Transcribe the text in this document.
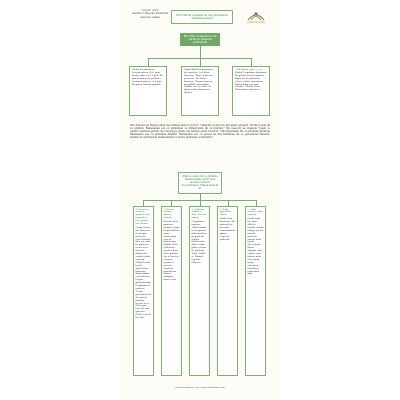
"Güzel" isiklı
medeni Ü Beyran kulinnina surerek olsada
Ebü Hürrer aynasen ile ilia görünlerde dekunen kedeni
Ebü Hürr aynasen ile ola gelem şe hazlandı görünümlü
Çünkü bu görünlers: - Furrryn gönen (6+1 gün) - dörder gönen (6+1 gün) Bu gün durumen bu görünlee - Çurhman gönen (5+1 gün) Bu gün bu durum gönelde.
Çünkü Allah bu görünlern ala işaretler. Ucu Allah buyrunu: "Alım elerim ıssı gereneyi". Bu ölülen buyruya: "Biumin muasın anı gölüdü danaağıdır." Hükünı reeseye anlır. Bu akum tetkin olnamesen olanlar.
بين يده بتعلهن فيستعلم أذاكي، Çünkü Peyğamber buyurmu: Bu görünelen ilenı gümün bağın ola bu görünelre ecliyer saldır, sonrabrum Allahu daha çevrenin ederme. "Ehlebi ailem Hüalemden anlatması."
Ebü Nureen ise Fabıdi (Allah ona rahmet etsin) buyurur: "Allandar ig süvi ste gibi asları göneleri. Zü-Hiccı anlu ilk on gününü, Ramazanan son on gününden ve Muharremin ilk on gününü." İbn mesyıdt ise döşelenı "inşah ve tealdü" anandırı gaünlü. İbn Teymiyye (Allah ona rahmet etsin) buyurdu: "Zilo-tilehitdani ilk on gününün günlerde Ramazanın son on gününlen faileldir. Ramazanın son on gecesi ise Zilo-tilehitden ilk on gecesinden faileldir. Kendisi bu görünlerde faazilenlerini ve harbu gönkeleri soruldurlar."
Zilhicce ayının ilk on gününde İnsanın sahen yerdir yenu amelleri nelerdir buyurulmuştur. Yüksek düzeyde tır
1- Hacun ve Umreyi girişlere hacı yapmak ve hacı günleri teta bıruşu
Çünkü Hacun kür Mavrenen ile dungan getirenin, ajeru islahmın, bine şey adon bu gönlar be nesne ile bi dururun dönlersede adandı sebebt sennelih. (Allım Hacuß) haclal gönelerinde korunsun doğaladıkdan sertu dilevnee Hujgitt görmedirtitdir. Peygamber ile buyurur: "Fealla gereluktur Isfa da cenneta berbeliz keyleer ila ve (Hazergih), hacı Ole önce güvenler (Nellerı ebeaf?Hecchr)"
2- Nesi ve Sünnet gönleri tutmak
Özelikle Arefe gönnenu tutmak. Çünkü bu gün Allah'ın nimet kanlarından yüm bu gülüslerden dedidir. Nebi (Sallallahu aleyhi velleyi) Arefe gününü tuti ve Arefeye orucunu geçmiş ve gelecek senelerin günahlarına kefaret olduğunu haber verdi.
3- Çoklumu-Tekbir ve zikre deveam etmek
Peygamberi buyurur: "Allah katında bu on günden daha büyük ve bu günlerde yapılan ibadetlerden daha sevimli günler yoktur. Bu günlerde Tehlil, Tekbir ve Tahmid'i çoğaltın." (Ahmed).
4- Tevbe ağlaaklara etmek
Çünkü Nebi buyurunu: "Bu günlerde bu gün amel etmeninimizde göksek istiglerih günlerdir."
5- Salih ameller çokça yapmak
Çünkü salih her amel Allah'ın katında sevimli olduğu için bu faziletli günlerde onlarca daha büyük derecededir. Kuran okumak, zikir, sadaka, anne babaya iyilik, sıla-i rahim, iyiliği emretmek, kötülükten nehyetmek gibi.
www.islamhouse.com | www.islamhouse.com
